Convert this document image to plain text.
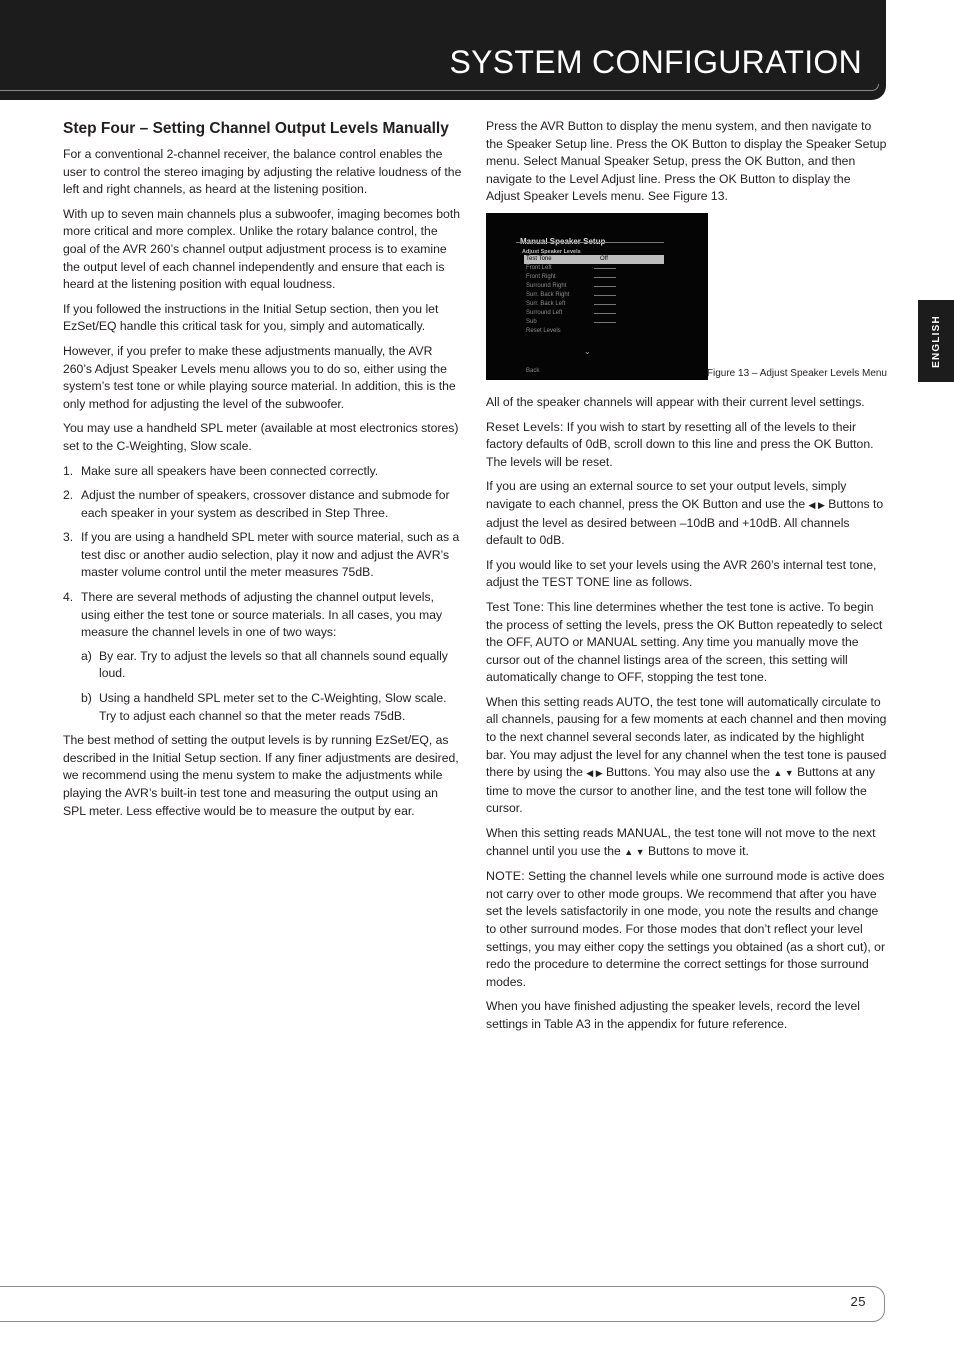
SYSTEM CONFIGURATION
ENGLISH
Step Four – Setting Channel Output Levels Manually

For a conventional 2-channel receiver, the balance control enables the user to control the stereo imaging by adjusting the relative loudness of the left and right channels, as heard at the listening position.

With up to seven main channels plus a subwoofer, imaging becomes both more critical and more complex. Unlike the rotary balance control, the goal of the AVR 260’s channel output adjustment process is to examine the output level of each channel independently and ensure that each is heard at the listening position with equal loudness.

If you followed the instructions in the Initial Setup section, then you let EzSet/EQ handle this critical task for you, simply and automatically.

However, if you prefer to make these adjustments manually, the AVR 260’s Adjust Speaker Levels menu allows you to do so, either using the system’s test tone or while playing source material. In addition, this is the only method for adjusting the level of the subwoofer.

You may use a handheld SPL meter (available at most electronics stores) set to the C-Weighting, Slow scale.

1. Make sure all speakers have been connected correctly.
2. Adjust the number of speakers, crossover distance and submode for each speaker in your system as described in Step Three.
3. If you are using a handheld SPL meter with source material, such as a test disc or another audio selection, play it now and adjust the AVR’s master volume control until the meter measures 75dB.
4. There are several methods of adjusting the channel output levels, using either the test tone or source materials. In all cases, you may measure the channel levels in one of two ways:
a) By ear. Try to adjust the levels so that all channels sound equally loud.
b) Using a handheld SPL meter set to the C-Weighting, Slow scale. Try to adjust each channel so that the meter reads 75dB.

The best method of setting the output levels is by running EzSet/EQ, as described in the Initial Setup section. If any finer adjustments are desired, we recommend using the menu system to make the adjustments while playing the AVR’s built-in test tone and measuring the output using an SPL meter. Less effective would be to measure the output by ear.

Press the AVR Button to display the menu system, and then navigate to the Speaker Setup line. Press the OK Button to display the Speaker Setup menu. Select Manual Speaker Setup, press the OK Button, and then navigate to the Level Adjust line. Press the OK Button to display the Adjust Speaker Levels menu. See Figure 13.

Adjust Speaker Levels
Test Tone	Off
Front Left
Front Right
Surround Right
Surr. Back Right
Surr. Back Left
Surround Left
Sub
Reset Levels
⌄
Back	Figure 13 – Adjust Speaker Levels Menu

All of the speaker channels will appear with their current level settings.

Reset Levels: If you wish to start by resetting all of the levels to their factory defaults of 0dB, scroll down to this line and press the OK Button. The levels will be reset.

If you are using an external source to set your output levels, simply navigate to each channel, press the OK Button and use the ◀ ▶ Buttons to adjust the level as desired between –10dB and +10dB. All channels default to 0dB.

If you would like to set your levels using the AVR 260’s internal test tone, adjust the TEST TONE line as follows.

Test Tone: This line determines whether the test tone is active. To begin the process of setting the levels, press the OK Button repeatedly to select the OFF, AUTO or MANUAL setting. Any time you manually move the cursor out of the channel listings area of the screen, this setting will automatically change to OFF, stopping the test tone.

When this setting reads AUTO, the test tone will automatically circulate to all channels, pausing for a few moments at each channel and then moving to the next channel several seconds later, as indicated by the highlight bar. You may adjust the level for any channel when the test tone is paused there by using the ◀ ▶ Buttons. You may also use the ▲ ▼ Buttons at any time to move the cursor to another line, and the test tone will follow the cursor.

When this setting reads MANUAL, the test tone will not move to the next channel until you use the ▲ ▼ Buttons to move it.

NOTE: Setting the channel levels while one surround mode is active does not carry over to other mode groups. We recommend that after you have set the levels satisfactorily in one mode, you note the results and change to other surround modes. For those modes that don’t reflect your level settings, you may either copy the settings you obtained (as a short cut), or redo the procedure to determine the correct settings for those surround modes.

When you have finished adjusting the speaker levels, record the level settings in Table A3 in the appendix for future reference.

25
